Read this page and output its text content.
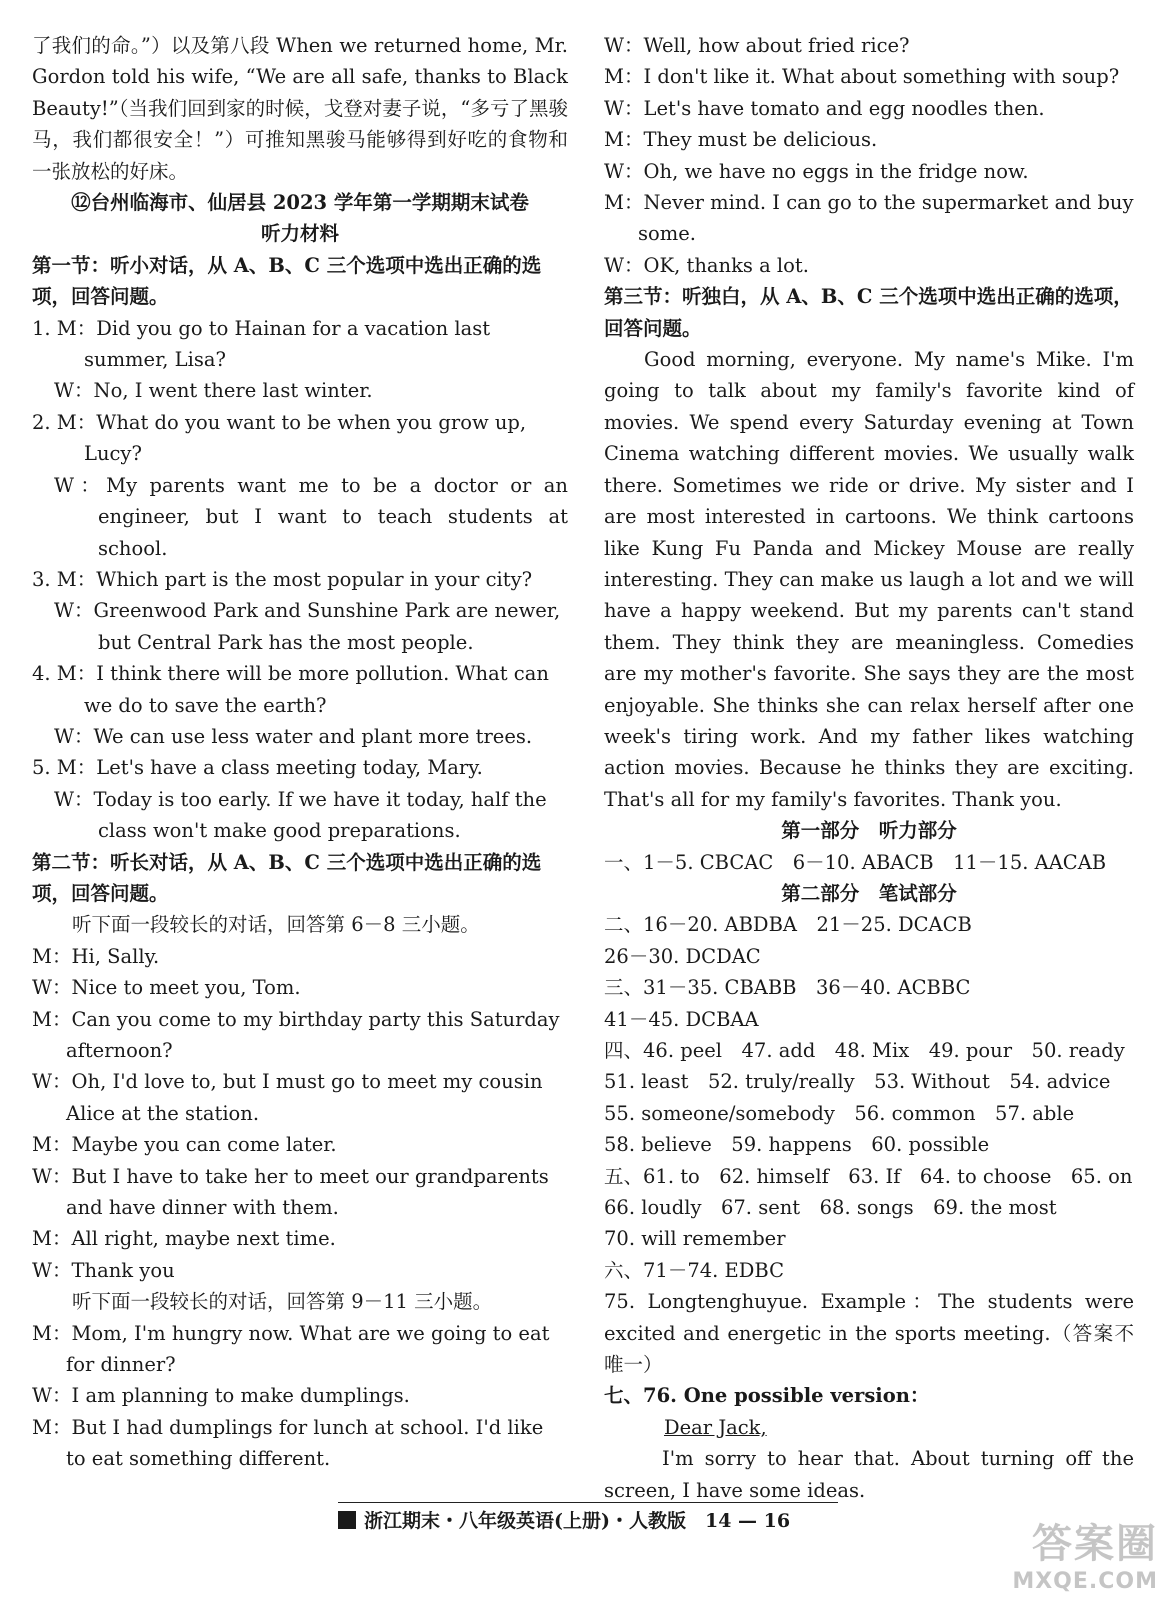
了我们的命。”）以及第八段 When we returned home, Mr. Gordon told his wife, “We are all safe, thanks to Black Beauty!”（当我们回到家的时候，戈登对妻子说，“多亏了黑骏马，我们都很安全！”）可推知黑骏马能够得到好吃的食物和一张放松的好床。

⑫台州临海市、仙居县 2023 学年第一学期期末试卷

听力材料

第一节：听小对话，从 A、B、C 三个选项中选出正确的选项，回答问题。

1. M：Did you go to Hainan for a vacation last summer, Lisa?

W：No, I went there last winter.

2. M：What do you want to be when you grow up, Lucy?

W：My parents want me to be a doctor or an engineer, but I want to teach students at school.

3. M：Which part is the most popular in your city?

W：Greenwood Park and Sunshine Park are newer, but Central Park has the most people.

4. M：I think there will be more pollution. What can we do to save the earth?

W：We can use less water and plant more trees.

5. M：Let's have a class meeting today, Mary.

W：Today is too early. If we have it today, half the class won't make good preparations.

第二节：听长对话，从 A、B、C 三个选项中选出正确的选项，回答问题。

听下面一段较长的对话，回答第 6－8 三小题。

M：Hi, Sally.

W：Nice to meet you, Tom.

M：Can you come to my birthday party this Saturday afternoon?

W：Oh, I'd love to, but I must go to meet my cousin Alice at the station.

M：Maybe you can come later.

W：But I have to take her to meet our grandparents and have dinner with them.

M：All right, maybe next time.

W：Thank you

听下面一段较长的对话，回答第 9－11 三小题。

M：Mom, I'm hungry now. What are we going to eat for dinner?

W：I am planning to make dumplings.

M：But I had dumplings for lunch at school. I'd like to eat something different.

W：Well, how about fried rice?

M：I don't like it. What about something with soup?

W：Let's have tomato and egg noodles then.

M：They must be delicious.

W：Oh, we have no eggs in the fridge now.

M：Never mind. I can go to the supermarket and buy some.

W：OK, thanks a lot.

第三节：听独白，从 A、B、C 三个选项中选出正确的选项，回答问题。

Good morning, everyone. My name's Mike. I'm going to talk about my family's favorite kind of movies. We spend every Saturday evening at Town Cinema watching different movies. We usually walk there. Sometimes we ride or drive. My sister and I are most interested in cartoons. We think cartoons like Kung Fu Panda and Mickey Mouse are really interesting. They can make us laugh a lot and we will have a happy weekend. But my parents can't stand them. They think they are meaningless. Comedies are my mother's favorite. She says they are the most enjoyable. She thinks she can relax herself after one week's tiring work. And my father likes watching action movies. Because he thinks they are exciting. That's all for my family's favorites. Thank you.

第一部分　听力部分

一、1－5. CBCAC　6－10. ABACB　11－15. AACAB

第二部分　笔试部分

二、16－20. ABDBA　21－25. DCACB

26－30. DCDAC

三、31－35. CBABB　36－40. ACBBC

41－45. DCBAA

四、46. peel　47. add　48. Mix　49. pour　50. ready

51. least　52. truly/really　53. Without　54. advice

55. someone/somebody　56. common　57. able

58. believe　59. happens　60. possible

五、61. to　62. himself　63. If　64. to choose　65. on

66. loudly　67. sent　68. songs　69. the most

70. will remember

六、71－74. EDBC

75. Longtenghuyue. Example：The students were excited and energetic in the sports meeting.（答案不唯一）

七、76. One possible version：

Dear Jack,

I'm sorry to hear that. About turning off the screen, I have some ideas.

浙江期末・八年级英语(上册)・人教版　14 — 16	答案圈
MXQE.COM
